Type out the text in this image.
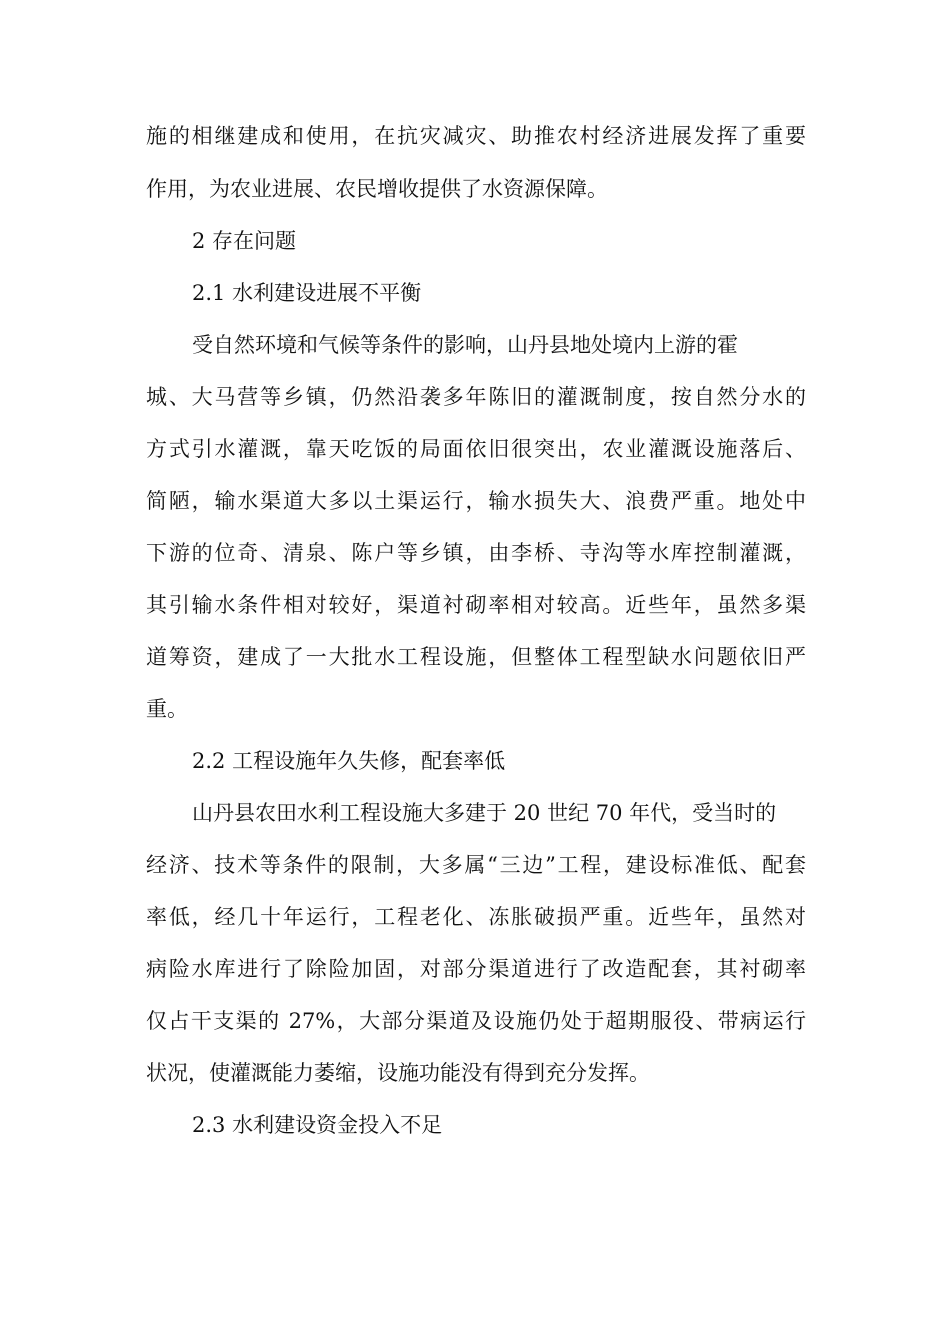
施的相继建成和使用，在抗灾减灾、助推农村经济进展发挥了重要
作用，为农业进展、农民增收提供了水资源保障。
2 存在问题
2.1 水利建设进展不平衡
受自然环境和气候等条件的影响，山丹县地处境内上游的霍
城、大马营等乡镇，仍然沿袭多年陈旧的灌溉制度，按自然分水的
方式引水灌溉，靠天吃饭的局面依旧很突出，农业灌溉设施落后、
简陋，输水渠道大多以土渠运行，输水损失大、浪费严重。地处中
下游的位奇、清泉、陈户等乡镇，由李桥、寺沟等水库控制灌溉，
其引输水条件相对较好，渠道衬砌率相对较高。近些年，虽然多渠
道筹资，建成了一大批水工程设施，但整体工程型缺水问题依旧严
重。
2.2 工程设施年久失修，配套率低
山丹县农田水利工程设施大多建于 20 世纪 70 年代，受当时的
经济、技术等条件的限制，大多属“三边”工程，建设标准低、配套
率低，经几十年运行，工程老化、冻胀破损严重。近些年，虽然对
病险水库进行了除险加固，对部分渠道进行了改造配套，其衬砌率
仅占干支渠的 27%，大部分渠道及设施仍处于超期服役、带病运行
状况，使灌溉能力萎缩，设施功能没有得到充分发挥。
2.3 水利建设资金投入不足
